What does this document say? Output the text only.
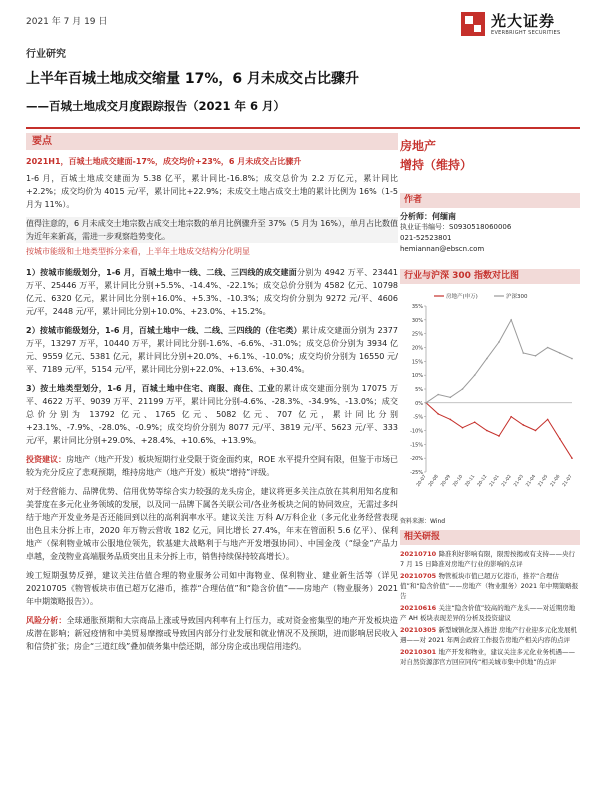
2021 年 7 月 19 日	光大证券
EVERBRIGHT SECURITIES
行业研究
上半年百城土地成交缩量 17%，6 月未成交占比骤升
——百城土地成交月度跟踪报告（2021 年 6 月）
要点

2021H1，百城土地成交建面-17%，成交均价+23%，6 月未成交占比骤升

1-6 月，百城土地成交建面为 5.38 亿平，累计同比-16.8%；成交总价为 2.2 万亿元，累计同比+2.2%；成交均价为 4015 元/平，累计同比+22.9%；未成交土地占成交土地的累计比例为 16%（1-5 月为 11%）。

值得注意的，6 月未成交土地宗数占成交土地宗数的单月比例骤升至 37%（5 月为 16%），单月占比数值为近年来新高，需进一步观察趋势变化。

按城市能级和土地类型拆分来看，上半年土地成交结构分化明显

1）按城市能级划分，1-6 月，百城土地中一线、二线、三四线的成交建面分别为 4942 万平、23441 万平、25446 万平，累计同比分别+5.5%、-14.4%、-22.1%；成交总价分别为 4582 亿元、10798 亿元、6320 亿元，累计同比分别+16.0%、+5.3%、-10.3%；成交均价分别为 9272 元/平、4606 元/平，2448 元/平，累计同比分别+10.0%、+23.0%、+15.2%。

2）按城市能级划分，1-6 月，百城土地中一线、二线、三四线的（住宅类）累计成交建面分别为 2377 万平，13297 万平，10440 万平，累计同比分别-1.6%、-6.6%、-31.0%；成交总价分别为 3934 亿元、9559 亿元、5381 亿元，累计同比分别+20.0%、+6.1%、-10.0%；成交均价分别为 16550 元/平、7189 元/平，5154 元/平，累计同比分别+22.0%、+13.6%、+30.4%。

3）按土地类型划分，1-6 月，百城土地中住宅、商服、商住、工业的累计成交建面分别为 17075 万平、4622 万平、9039 万平、21199 万平，累计同比分别-4.6%、-28.3%、-34.9%、-13.0%；成交总价分别为 13792 亿元、1765 亿元、5082 亿元、707 亿元，累计同比分别+23.1%、-7.9%、-28.0%、-0.9%；成交均价分别为 8077 元/平、3819 元/平、5623 元/平、333 元/平，累计同比分别+29.0%、+28.4%、+10.6%、+13.9%。

投资建议：房地产（地产开发）板块短期行业受限于资金面约束，ROE 水平提升空间有限，但鉴于市场已较为充分反应了悲观预期，维持房地产（地产开发）板块“增持”评级。

对于经营能力、品牌优势、信用优势等综合实力较强的龙头房企，建议将更多关注点放在其利用知名度和美誉度在多元化业务领域的发展，以及同一品牌下属各关联公司/各业务板块之间的协同效应，无需过多纠结于地产开发业务是否还能回到以往的高利润率水平。建议关注 万科 A/万科企业（多元化业务经营表现出色且未分拆上市，2020 年万物云营收 182 亿元，同比增长 27.4%，年末在管面积 5.6 亿平）、保利地产（保利物业城市公服地位领先，软基建大战略利于与地产开发增强协同）、中国金茂（“绿金”产品力卓越，金茂物业高端服务品质突出且未分拆上市，销售持续保持较高增长）。

竣工短期强势反弹，建议关注估值合理的物业服务公司如中海物业、保利物业、建业新生活等（详见 20210705《物管板块市值已超万亿港币，推荐“合理估值”和“隐含价值”——房地产（物业服务）2021 年中期策略报告》）。

风险分析：全球通胀预期和大宗商品上涨或导致国内利率有上行压力，或对资金密集型的地产开发板块造成潜在影响；新冠疫情和中美贸易摩擦或导致国内部分行业发展和就业情况不及预期，进而影响居民收入和信贷扩张；房企“三道红线”叠加债务集中偿还期，部分房企或出现信用违约。

房地产
增持（维持）
作者
分析师：何缅南
执业证书编号：S0930518060006
021-52523801
hemiannan@ebscn.com
行业与沪深 300 指数对比图
-25%
-20%
-15%
-10%
-5%
0%
5%
10%
15%
20%
25%
30%
35%
20-07 20-08 20-09 20-10 20-11 20-12 21-01 21-02 21-03 21-04 21-05 21-06 21-07
房地产(申万)	沪深300
资料来源：Wind
相关研报
20210710 降准利好影响有限，限需按揭或有支持——央行 7 月 15 日降准对房地产行业的影响的点评
20210705 物管板块市值已超万亿港币，推荐“合理估值”和“隐含价值”——房地产（物业服务）2021 年中期策略报告
20210616 关注“隐含价值”较高的地产龙头——对近期房地产 AH 板块表现差异的分析及投资建议
20210305 新型城镇化深入推进 房地产行业迎多元化发展机遇——对 2021 年两会政府工作报告房地产相关内容的点评
20210301 地产开发和物业，建议关注多元化业务机遇——对自然资源部官方回应同传“相关城市集中供地”的点评
